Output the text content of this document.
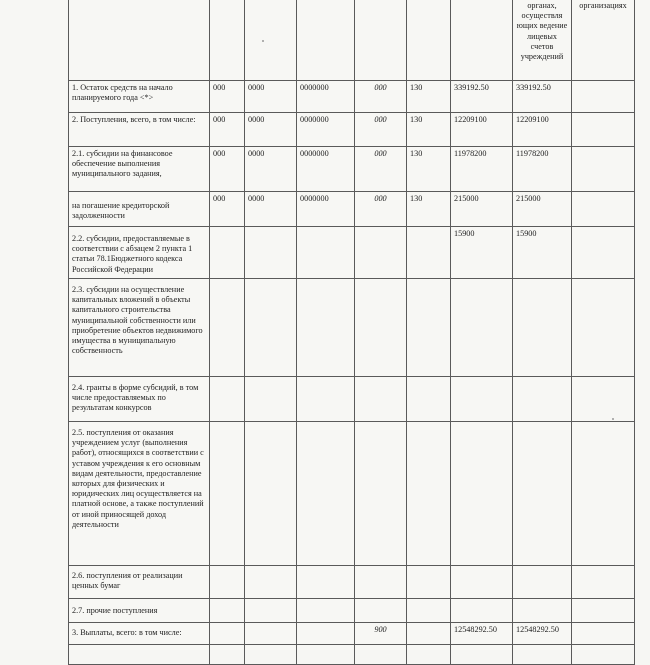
							органах, осуществля ющих ведение лицевых счетов учреждений	организациях
1. Остаток средств на начало планируемого года <*>	000	0000	0000000	000	130	339192.50	339192.50	
2. Поступления, всего, в том числе:	000	0000	0000000	000	130	12209100	12209100	
2.1. субсидии на финансовое обеспечение выполнения муниципального задания,	000	0000	0000000	000	130	11978200	11978200	
на погашение кредиторской задолженности	000	0000	0000000	000	130	215000	215000	
2.2. субсидии, предоставляемые в соответствии с абзацем 2 пункта 1 статьи 78.1Бюджетного кодекса Российской Федерации						15900	15900	
2.3. субсидии на осуществление капитальных вложений в объекты капитального строительства муниципальной собственности или приобретение объектов недвижимого имущества в муниципальную собственность								
2.4. гранты в форме субсидий, в том числе предоставляемых по результатам конкурсов								
2.5. поступления от оказания учреждением услуг (выполнения работ), относящихся в соответствии с уставом учреждения к его основным видам деятельности, предоставление которых для физических и юридических лиц осуществляется на платной основе, а также поступлений от иной приносящей доход деятельности								
2.6. поступления от реализации ценных бумаг								
2.7. прочие поступления								
3. Выплаты, всего: в том числе:				900		12548292.50	12548292.50	
